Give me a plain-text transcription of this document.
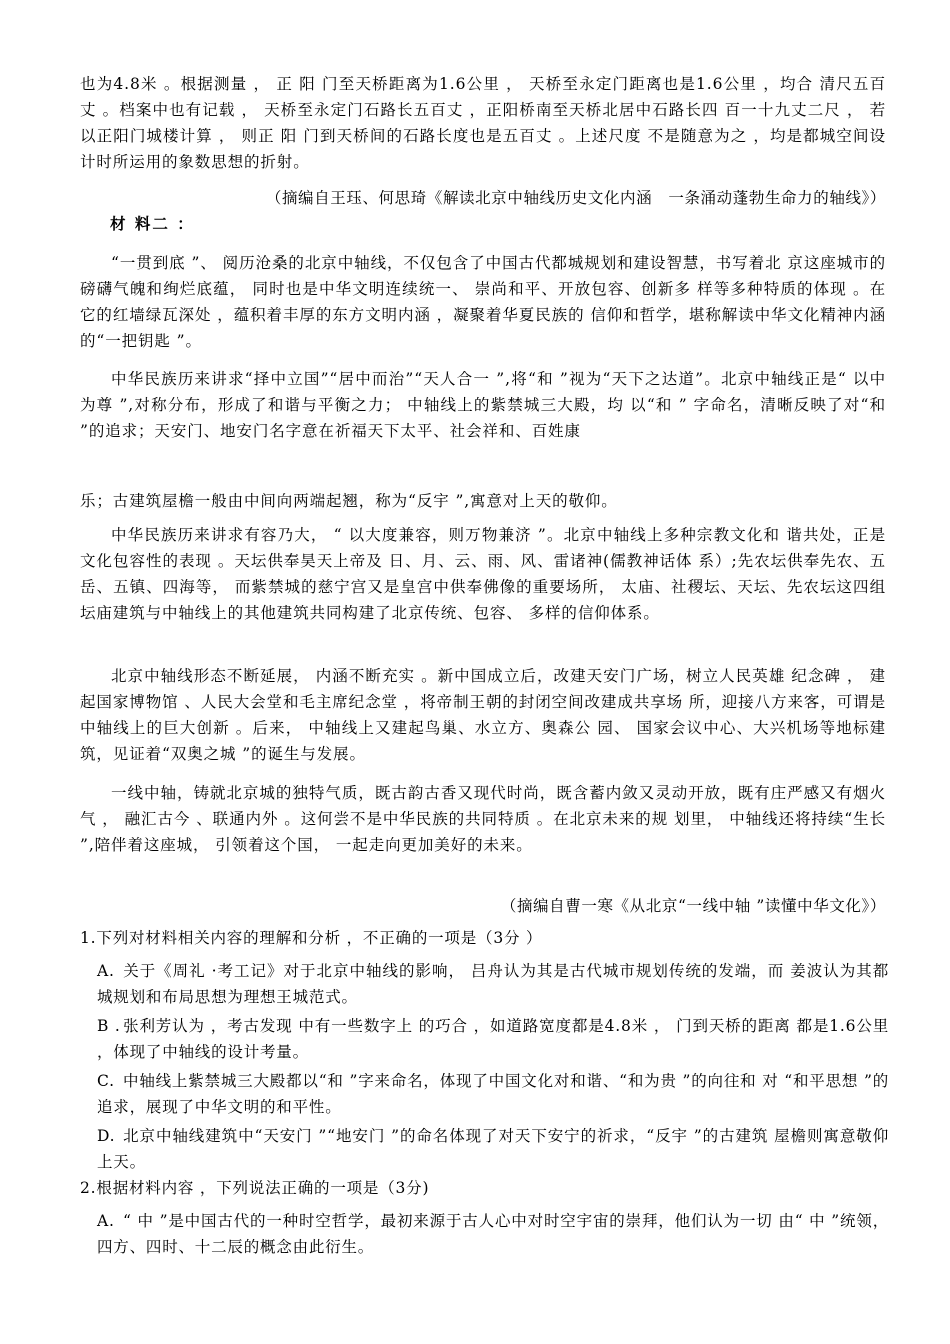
也为4.8米 。根据测量 ， 正 阳 门至天桥距离为1.6公里 ， 天桥至永定门距离也是1.6公里 ，均合 清尺五百丈 。档案中也有记载 ， 天桥至永定门石路长五百丈 ，正阳桥南至天桥北居中石路长四 百一十九丈二尺 ， 若 以正阳门城楼计算 ， 则正 阳 门到天桥间的石路长度也是五百丈 。上述尺度 不是随意为之 ，均是都城空间设计时所运用的象数思想的折射。

（摘编自王珏、何思琦《解读北京中轴线历史文化内涵　一条涌动蓬勃生命力的轴线》）

材 料二 ：

“一贯到底 ”、 阅历沧桑的北京中轴线，不仅包含了中国古代都城规划和建设智慧，书写着北 京这座城市的磅礴气魄和绚烂底蕴， 同时也是中华文明连续统一、 崇尚和平、开放包容、创新多 样等多种特质的体现 。在它的红墙绿瓦深处 ，蕴积着丰厚的东方文明内涵 ，凝聚着华夏民族的 信仰和哲学，堪称解读中华文化精神内涵的“一把钥匙 ”。

中华民族历来讲求“择中立国”“居中而治”“天人合一 ”,将“和 ”视为“天下之达道”。北京中轴线正是“ 以中为尊 ”,对称分布，形成了和谐与平衡之力； 中轴线上的紫禁城三大殿，均 以“和 ” 字命名，清晰反映了对“和 ”的追求；天安门、地安门名字意在祈福天下太平、社会祥和、百姓康

乐；古建筑屋檐一般由中间向两端起翘，称为“反宇 ”,寓意对上天的敬仰。

中华民族历来讲求有容乃大， “ 以大度兼容，则万物兼济 ”。北京中轴线上多种宗教文化和 谐共处，正是文化包容性的表现 。天坛供奉昊天上帝及 日、月、云、雨、风、雷诸神(儒教神话体 系）;先农坛供奉先农、五岳、五镇、四海等， 而紫禁城的慈宁宫又是皇宫中供奉佛像的重要场所， 太庙、社稷坛、天坛、先农坛这四组坛庙建筑与中轴线上的其他建筑共同构建了北京传统、包容、 多样的信仰体系。

北京中轴线形态不断延展， 内涵不断充实 。新中国成立后，改建天安门广场，树立人民英雄 纪念碑 ， 建起国家博物馆 、人民大会堂和毛主席纪念堂 ，将帝制王朝的封闭空间改建成共享场 所，迎接八方来客，可谓是中轴线上的巨大创新 。后来， 中轴线上又建起鸟巢、水立方、奥森公 园、 国家会议中心、大兴机场等地标建筑，见证着“双奥之城 ”的诞生与发展。

一线中轴，铸就北京城的独特气质，既古韵古香又现代时尚，既含蓄内敛又灵动开放，既有庄严感又有烟火气 ， 融汇古今 、联通内外 。这何尝不是中华民族的共同特质 。在北京未来的规 划里， 中轴线还将持续“生长 ”,陪伴着这座城， 引领着这个国， 一起走向更加美好的未来。

（摘编自曹一寒《从北京“一线中轴 ”读懂中华文化》）

1.下列对材料相关内容的理解和分析 ，不正确的一项是（3分 ）

A. 关于《周礼 ·考工记》对于北京中轴线的影响， 吕舟认为其是古代城市规划传统的发端，而 姜波认为其都城规划和布局思想为理想王城范式。
B . 张利芳认为 ，考古发现 中有一些数字上 的巧合 ，如道路宽度都是4.8米 ， 门到天桥的距离 都是1.6公里 ，体现了中轴线的设计考量。
C. 中轴线上紫禁城三大殿都以“和 ”字来命名，体现了中国文化对和谐、“和为贵 ”的向往和 对 “和平思想 ”的追求，展现了中华文明的和平性。
D. 北京中轴线建筑中“天安门 ”“地安门 ”的命名体现了对天下安宁的祈求，“反宇 ”的古建筑 屋檐则寓意敬仰上天。

2.根据材料内容 ，下列说法正确的一项是（3分)

A. “ 中 ”是中国古代的一种时空哲学，最初来源于古人心中对时空宇宙的崇拜，他们认为一切 由“ 中 ”统领，四方、四时、十二辰的概念由此衍生。
